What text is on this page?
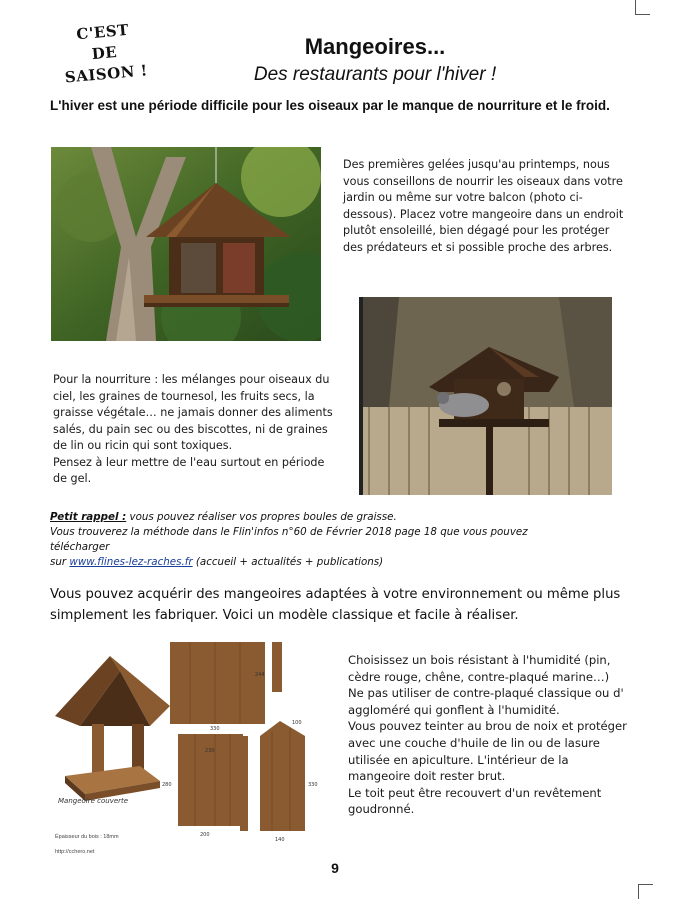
C'EST
DE
SAISON !
Mangeoires...
Des restaurants pour l'hiver !
L'hiver est une période difficile pour les oiseaux par le manque de nourriture et le froid.
Des premières gelées jusqu'au printemps, nous vous conseillons de nourrir les oiseaux dans votre jardin ou même sur votre balcon (photo ci-dessous). Placez votre mangeoire dans un endroit plutôt ensoleillé, bien dégagé pour les protéger des prédateurs et si possible proche des arbres.
Pour la nourriture : les mélanges pour oiseaux du ciel, les graines de tournesol, les fruits secs, la graisse végétale… ne jamais donner des aliments salés, du pain sec ou des biscottes, ni de graines de lin ou ricin qui sont toxiques.
Pensez à leur mettre de l'eau surtout en période de gel.
Petit rappel : vous pouvez réaliser vos propres boules de graisse.
Vous trouverez la méthode dans le Flin'infos n°60 de Février 2018 page 18 que vous pouvez télécharger
sur www.flines-lez-raches.fr (accueil + actualités + publications)
Vous pouvez acquérir des mangeoires adaptées à votre environnement ou même plus simplement les fabriquer. Voici un modèle classique et facile à réaliser.
330
244
230
280
200
140
330
100
Mangeoire couverte
Épaisseur du bois : 18mm
http://cchero.net
Choisissez un bois résistant à l'humidité (pin, cèdre rouge, chêne, contre-plaqué marine…)
Ne pas utiliser de contre-plaqué classique ou d' aggloméré qui gonflent à l'humidité.
Vous pouvez teinter au brou de noix et protéger avec une couche d'huile de lin ou de lasure utilisée en apiculture. L'intérieur de la mangeoire doit rester brut.
Le toit peut être recouvert d'un revêtement goudronné.
9
